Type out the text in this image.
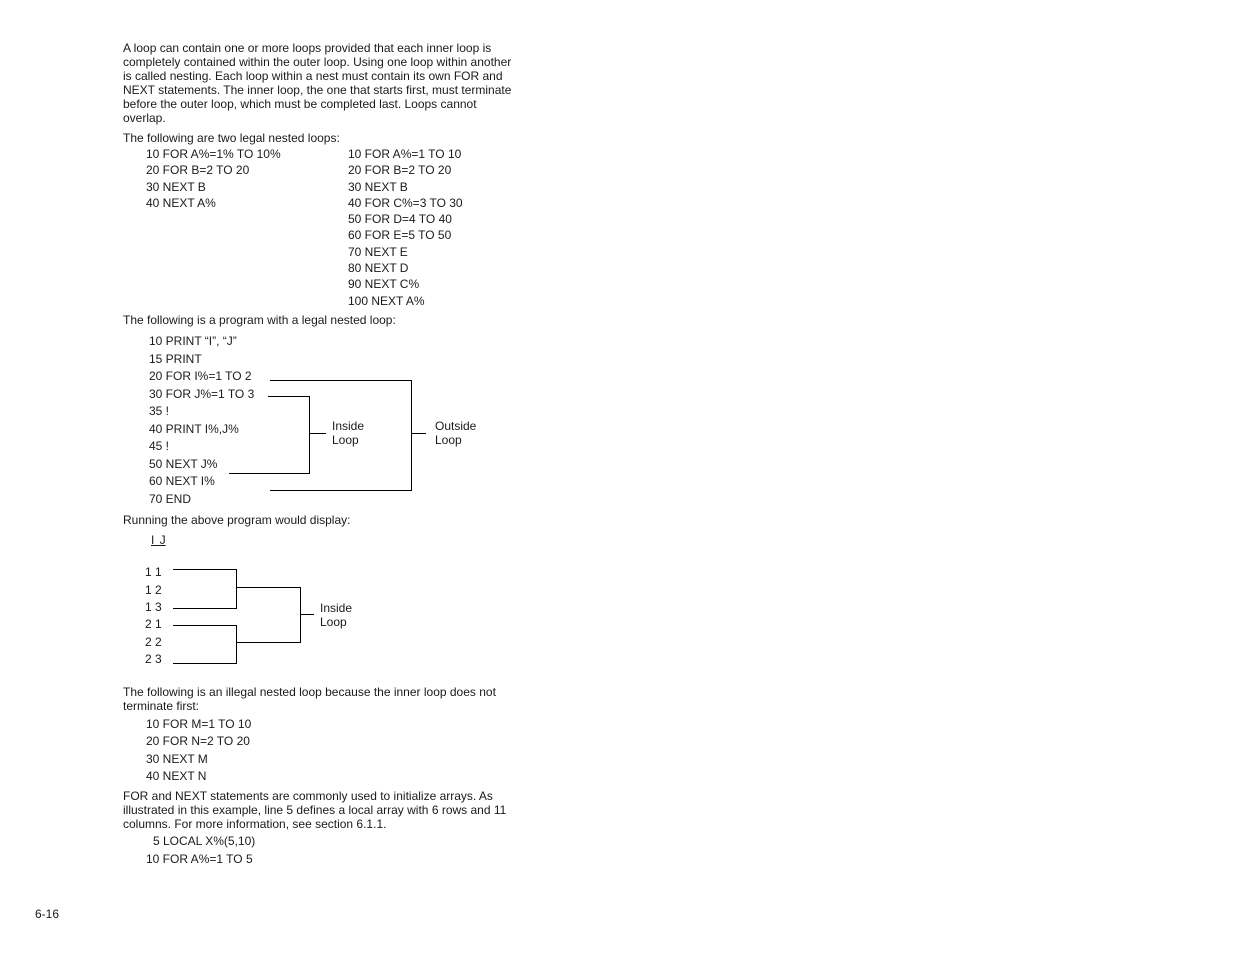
A loop can contain one or more loops provided that each inner loop is completely contained within the outer loop. Using one loop within another is called nesting. Each loop within a nest must contain its own FOR and NEXT statements. The inner loop, the one that starts first, must terminate before the outer loop, which must be completed last. Loops cannot overlap.

The following are two legal nested loops:

10 FOR A%=1% TO 10%
20 FOR B=2 TO 20
30 NEXT B
40 NEXT A%
10 FOR A%=1 TO 10
20 FOR B=2 TO 20
30 NEXT B
40 FOR C%=3 TO 30
50 FOR D=4 TO 40
60 FOR E=5 TO 50
70 NEXT E
80 NEXT D
90 NEXT C%
100 NEXT A%

The following is a program with a legal nested loop:

10 PRINT “I”, “J”
15 PRINT
20 FOR I%=1 TO 2
30 FOR J%=1 TO 3
35 !
40 PRINT I%,J%
45 !
50 NEXT J%
60 NEXT I%
70 END
Inside
Loop
Outside
Loop

Running the above program would display:

I J
1 1
1 2
1 3
2 1
2 2
2 3
Inside
Loop

The following is an illegal nested loop because the inner loop does not terminate first:

10 FOR M=1 TO 10
20 FOR N=2 TO 20
30 NEXT M
40 NEXT N

FOR and NEXT statements are commonly used to initialize arrays. As illustrated in this example, line 5 defines a local array with 6 rows and 11 columns. For more information, see section 6.1.1.

5 LOCAL X%(5,10)
10 FOR A%=1 TO 5
6-16
